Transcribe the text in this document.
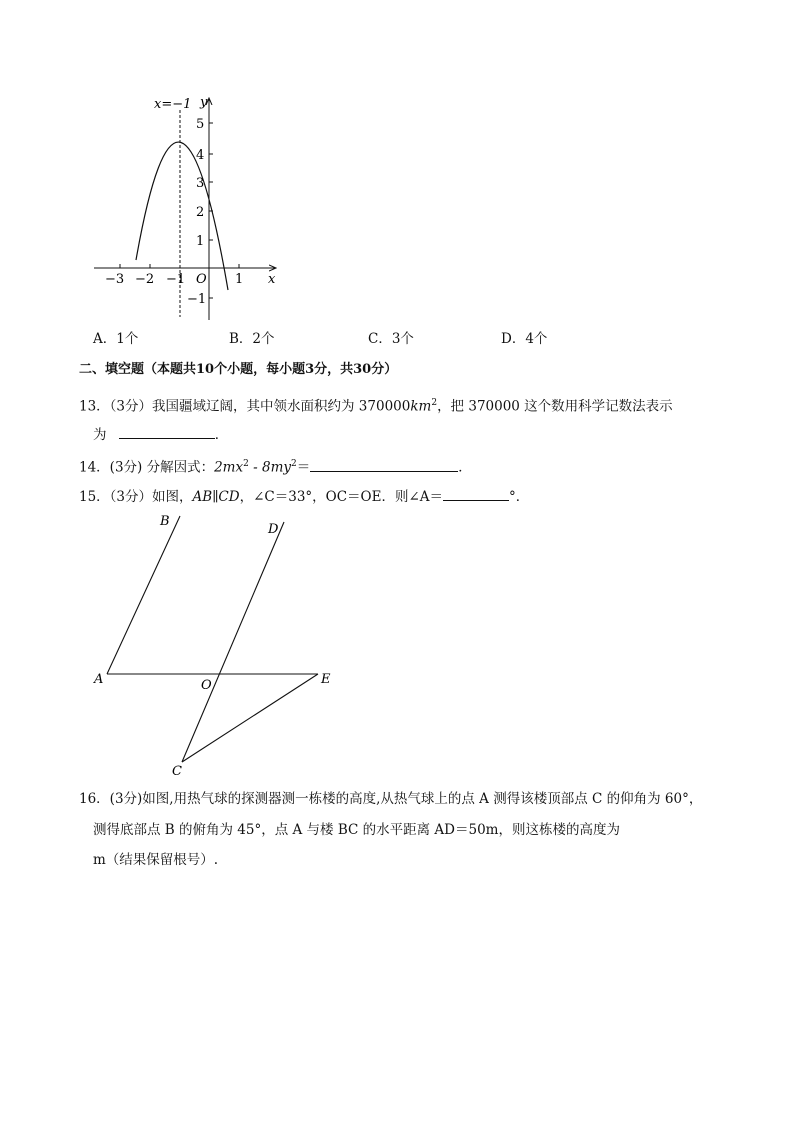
x=−1 y
x
O
5
4
3
2
1
−1
−3 −2 −1	1
A．1个	B．2个	C．3个	D．4个
二、填空题（本题共10个小题，每小题3分，共30分）
13．（3分）我国疆域辽阔，其中领水面积约为 $370000km^2$，把 370000 这个数用科学记数法表示
为	．
14．(3分) 分解因式：$2mx^2 - 8my^2=$	．
15．（3分）如图，AB∥CD，∠C＝33°，OC＝OE．则∠A＝	°．
B
D
A	O	E
C
16．(3分)如图,用热气球的探测器测一栋楼的高度,从热气球上的点 A 测得该楼顶部点 C 的仰角为 60°，
测得底部点 B 的俯角为 45°，点 A 与楼 BC 的水平距离 AD＝50m，则这栋楼的高度为
m（结果保留根号）.
